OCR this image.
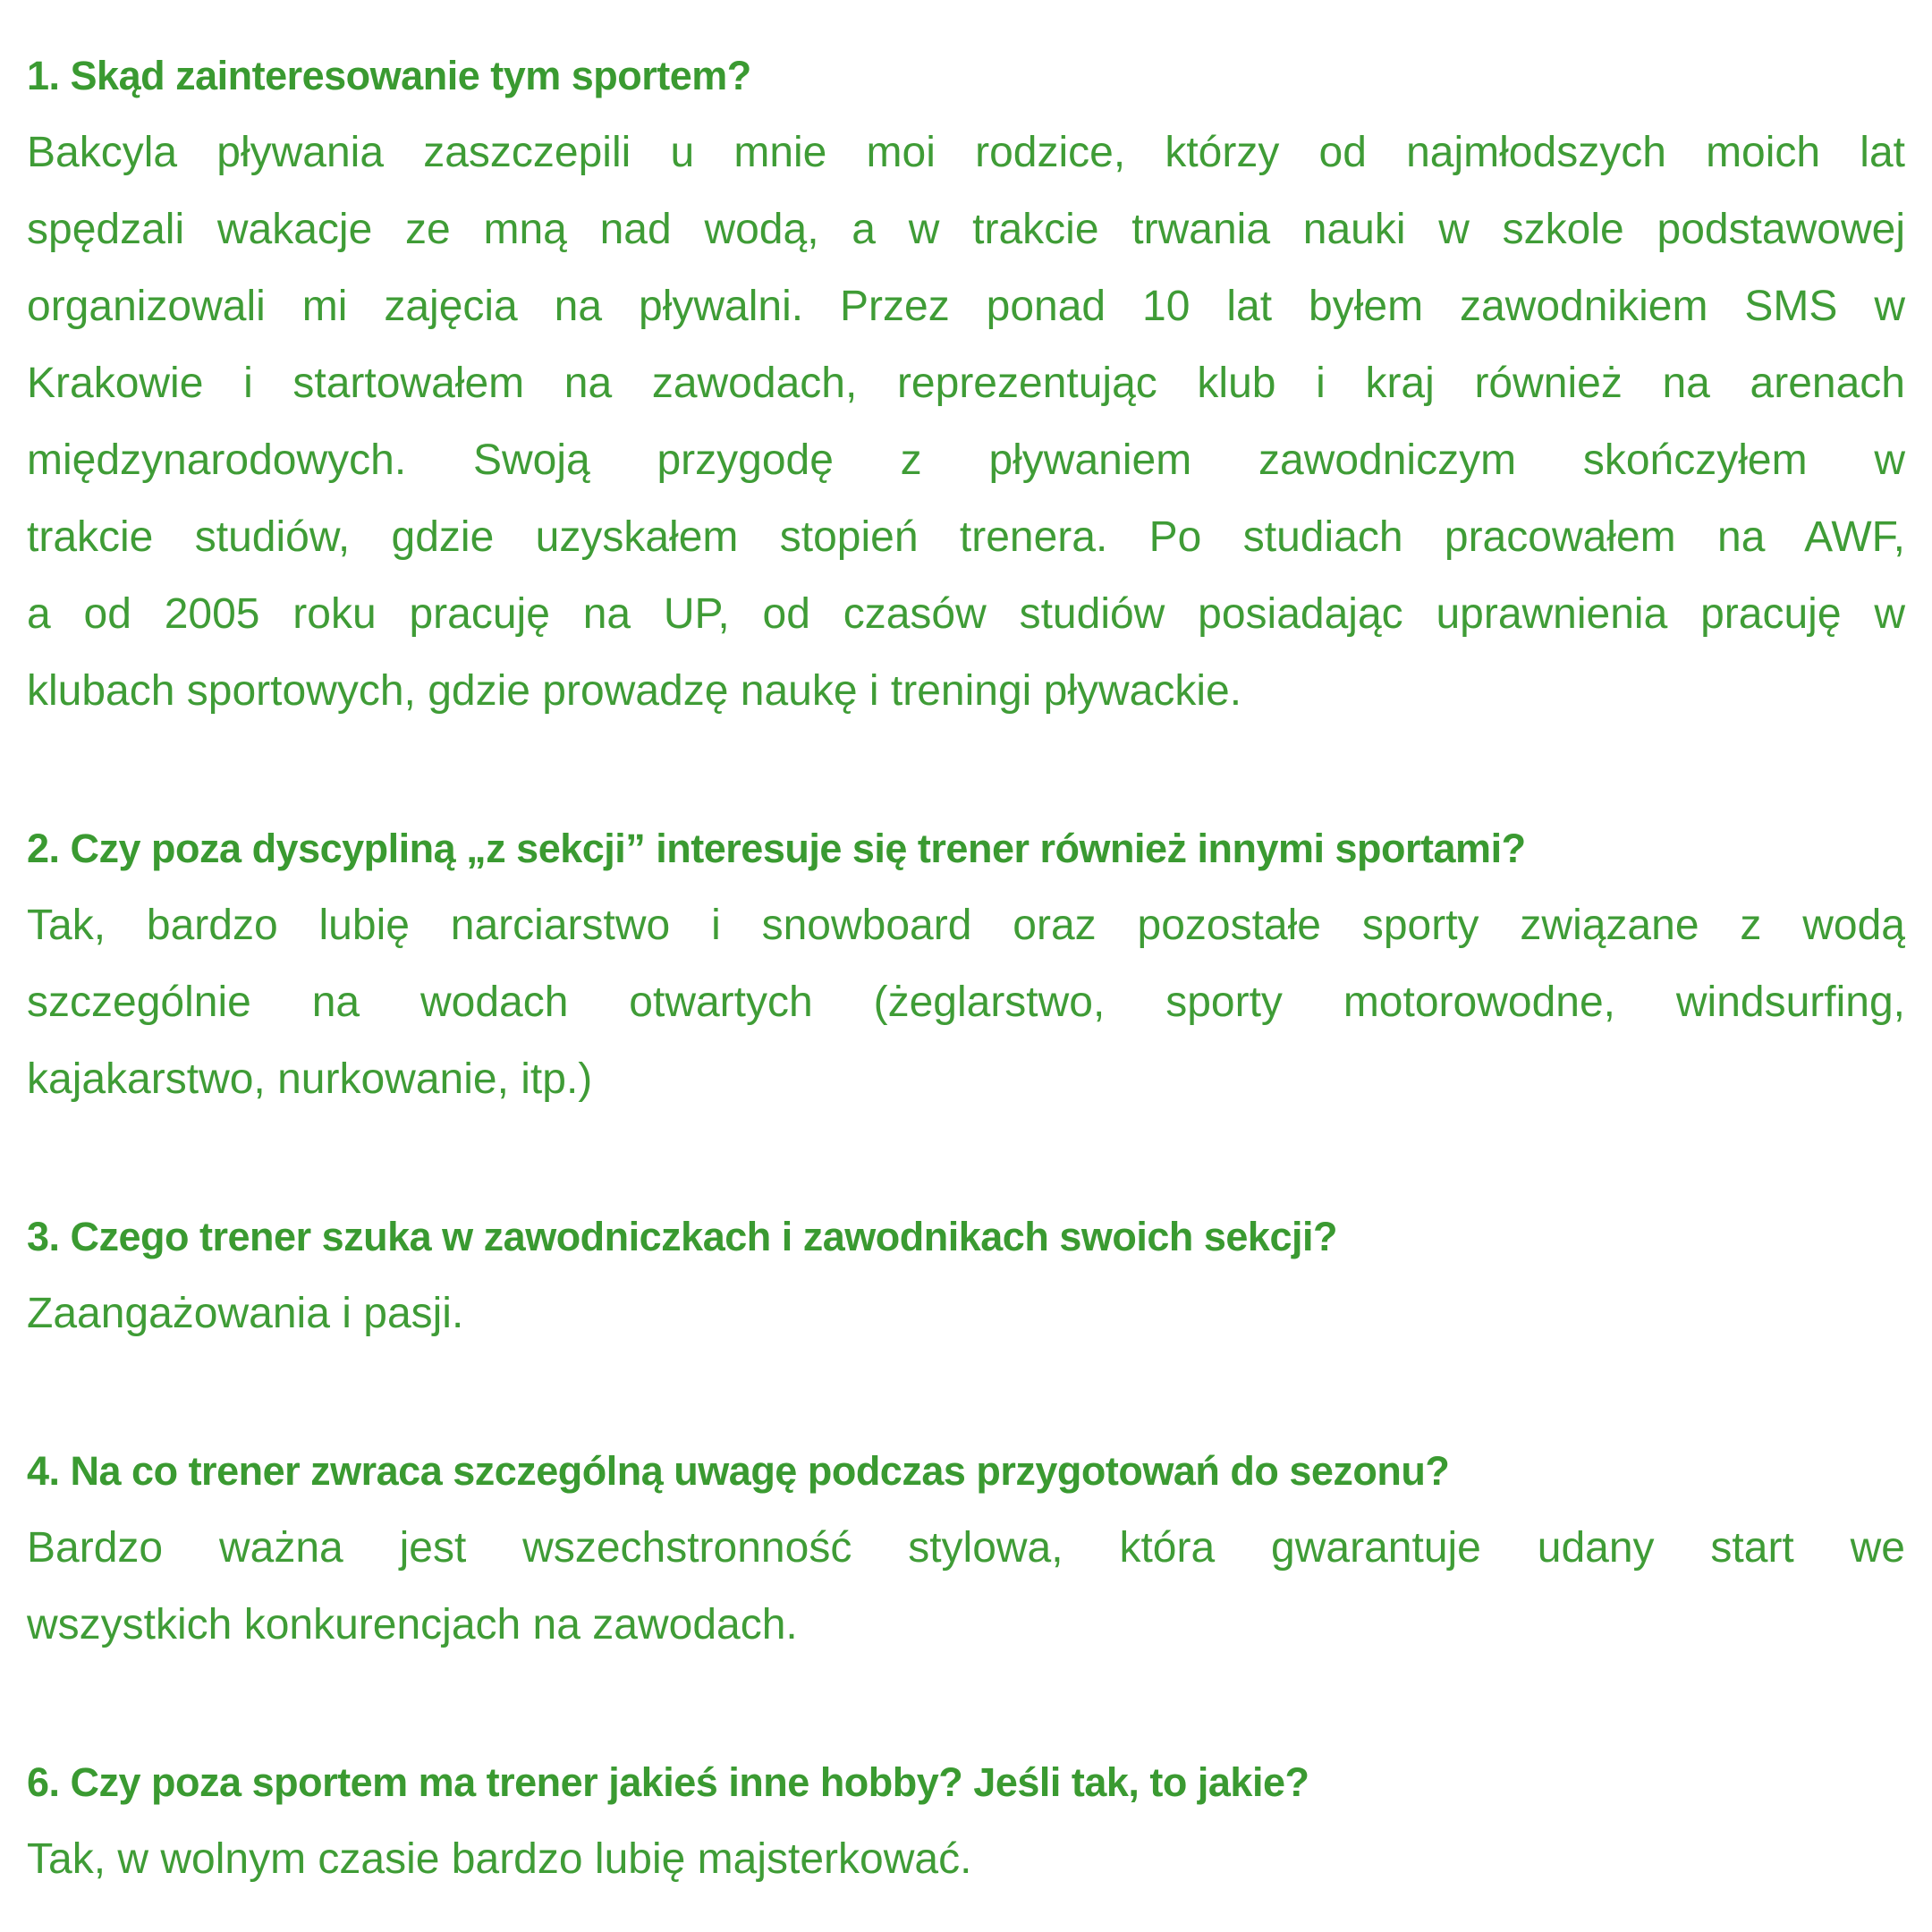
1. Skąd zainteresowanie tym sportem?
Bakcyla pływania zaszczepili u mnie moi rodzice, którzy od najmłodszych moich lat
spędzali wakacje ze mną nad wodą, a w trakcie trwania nauki w szkole podstawowej
organizowali mi zajęcia na pływalni. Przez ponad 10 lat byłem zawodnikiem SMS w
Krakowie i startowałem na zawodach, reprezentując klub i kraj również na arenach
międzynarodowych. Swoją przygodę z pływaniem zawodniczym skończyłem w
trakcie studiów, gdzie uzyskałem stopień trenera. Po studiach pracowałem na AWF,
a od 2005 roku pracuję na UP, od czasów studiów posiadając uprawnienia pracuję w
klubach sportowych, gdzie prowadzę naukę i treningi pływackie.
2. Czy poza dyscypliną „z sekcji” interesuje się trener również innymi sportami?
Tak, bardzo lubię narciarstwo i snowboard oraz pozostałe sporty związane z wodą
szczególnie na wodach otwartych (żeglarstwo, sporty motorowodne, windsurfing,
kajakarstwo, nurkowanie, itp.)
3. Czego trener szuka w zawodniczkach i zawodnikach swoich sekcji?
Zaangażowania i pasji.
4. Na co trener zwraca szczególną uwagę podczas przygotowań do sezonu?
Bardzo ważna jest wszechstronność stylowa, która gwarantuje udany start we
wszystkich konkurencjach na zawodach.
6. Czy poza sportem ma trener jakieś inne hobby? Jeśli tak, to jakie?
Tak, w wolnym czasie bardzo lubię majsterkować.
